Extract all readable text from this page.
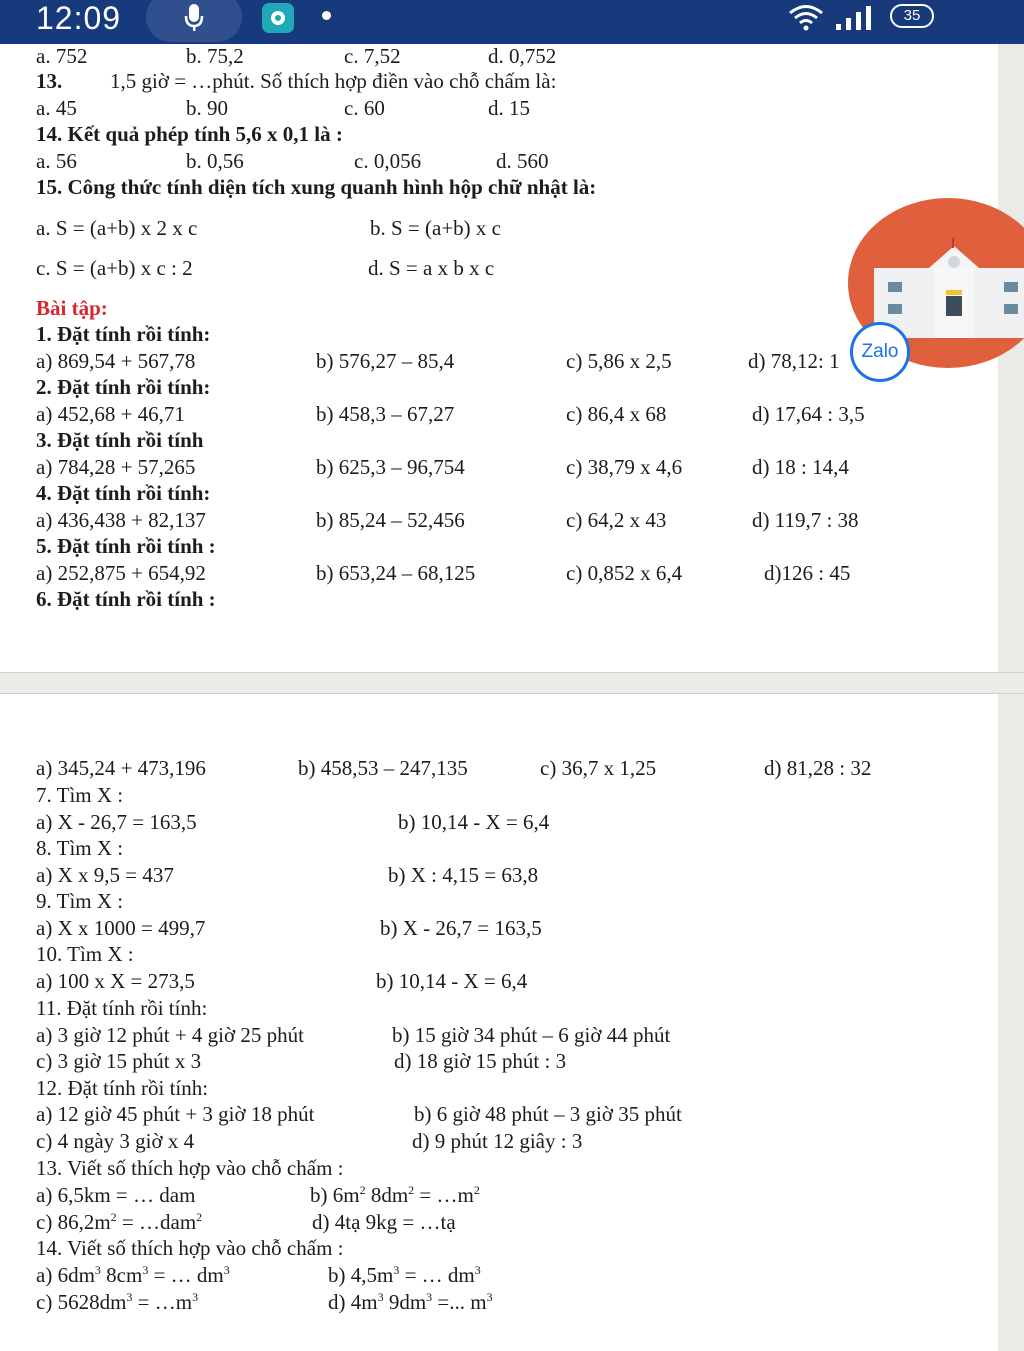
12:09	35
a. 752	b. 75,2	c. 7,52	d. 0,752
13. 1,5 giờ = …phút. Số thích hợp điền vào chỗ chấm là:
a. 45	b. 90	c. 60	d. 15
14. Kết quả phép tính 5,6 x 0,1 là :
a. 56	b. 0,56	c. 0,056	d. 560
15. Công thức tính diện tích xung quanh hình hộp chữ nhật là:
a. S = (a+b) x 2 x c	b. S = (a+b) x c
c. S = (a+b) x c : 2	d. S = a x b x c
Bài tập:
1. Đặt tính rồi tính:
a) 869,54 + 567,78	b) 576,27 – 85,4	c) 5,86 x 2,5	d) 78,12: 1
2. Đặt tính rồi tính:
a) 452,68 + 46,71	b) 458,3 – 67,27	c) 86,4 x 68	d) 17,64 : 3,5
3. Đặt tính rồi tính
a) 784,28 + 57,265	b) 625,3 – 96,754	c) 38,79 x 4,6	d) 18 : 14,4
4. Đặt tính rồi tính:
a) 436,438 + 82,137	b) 85,24 – 52,456	c) 64,2 x 43	d) 119,7 : 38
5. Đặt tính rồi tính :
a) 252,875 + 654,92	b) 653,24 – 68,125	c) 0,852 x 6,4	d)126 : 45
6. Đặt tính rồi tính :
a) 345,24 + 473,196	b) 458,53 – 247,135	c) 36,7 x 1,25	d) 81,28 : 32
7. Tìm X :
a) X - 26,7 = 163,5	b) 10,14 - X = 6,4
8. Tìm X :
a) X x 9,5 = 437	b) X : 4,15 = 63,8
9. Tìm X :
a) X x 1000 = 499,7	b) X - 26,7 = 163,5
10. Tìm X :
a) 100 x X = 273,5	b) 10,14 - X = 6,4
11. Đặt tính rồi tính:
a) 3 giờ 12 phút + 4 giờ 25 phút	b) 15 giờ 34 phút – 6 giờ 44 phút
c) 3 giờ 15 phút x 3	d) 18 giờ 15 phút : 3
12. Đặt tính rồi tính:
a) 12 giờ 45 phút + 3 giờ 18 phút	b) 6 giờ 48 phút – 3 giờ 35 phút
c) 4 ngày 3 giờ x 4	d) 9 phút 12 giây : 3
13. Viết số thích hợp vào chỗ chấm :
a) 6,5km = … dam	b) $6m^2$ $8dm^2$ = $\dots m^2$
c) $86,2m^2$ = …dam$^2$	d) 4tạ 9kg = …tạ
14. Viết số thích hợp vào chỗ chấm :
a) $6dm^3$ $8cm^3$ = … $dm^3$	b) $4,5m^3$ = … $dm^3$
c) $5628dm^3$ = $\dots m^3$	d) $4m^3$ $9dm^3$ =... $m^3$
Zalo
